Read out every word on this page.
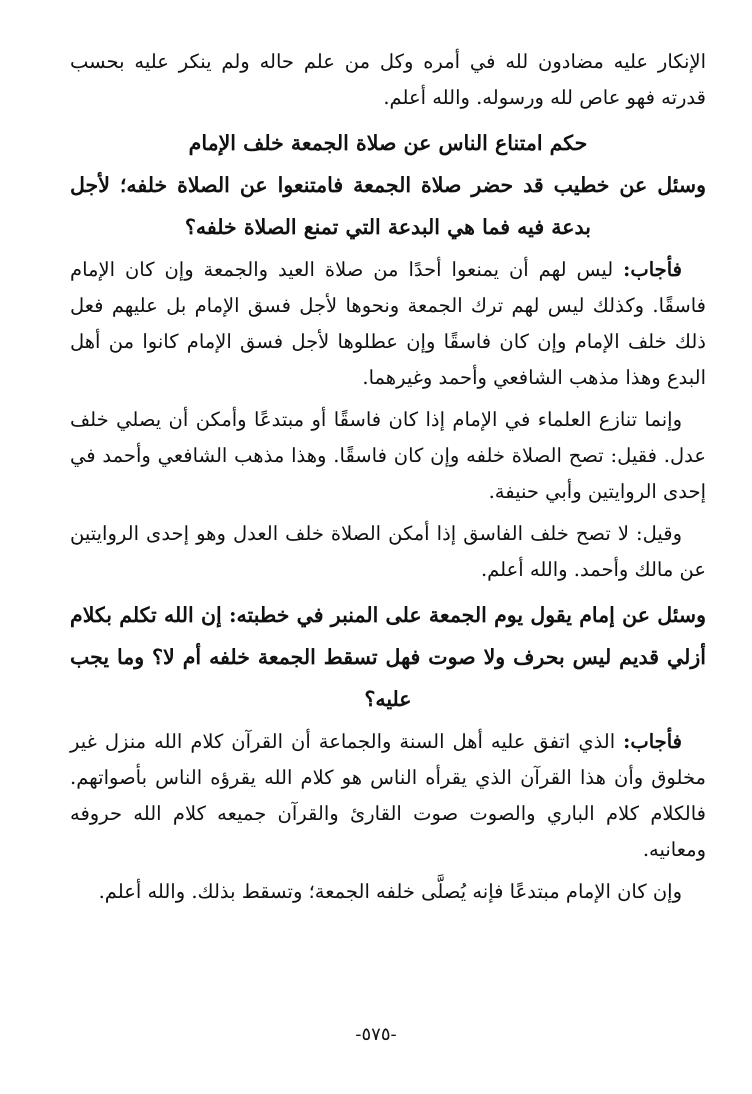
الإنكار عليه مضادون لله في أمره وكل من علم حاله ولم ينكر عليه بحسب قدرته فهو عاص لله ورسوله. والله أعلم.

حكم امتناع الناس عن صلاة الجمعة خلف الإمام

وسئل عن خطيب قد حضر صلاة الجمعة فامتنعوا عن الصلاة خلفه؛ لأجل بدعة فيه فما هي البدعة التي تمنع الصلاة خلفه؟

فأجاب: ليس لهم أن يمنعوا أحدًا من صلاة العيد والجمعة وإن كان الإمام فاسقًا. وكذلك ليس لهم ترك الجمعة ونحوها لأجل فسق الإمام بل عليهم فعل ذلك خلف الإمام وإن كان فاسقًا وإن عطلوها لأجل فسق الإمام كانوا من أهل البدع وهذا مذهب الشافعي وأحمد وغيرهما.

وإنما تنازع العلماء في الإمام إذا كان فاسقًا أو مبتدعًا وأمكن أن يصلي خلف عدل. فقيل: تصح الصلاة خلفه وإن كان فاسقًا. وهذا مذهب الشافعي وأحمد في إحدى الروايتين وأبي حنيفة.

وقيل: لا تصح خلف الفاسق إذا أمكن الصلاة خلف العدل وهو إحدى الروايتين عن مالك وأحمد. والله أعلم.

وسئل عن إمام يقول يوم الجمعة على المنبر في خطبته: إن الله تكلم بكلام أزلي قديم ليس بحرف ولا صوت فهل تسقط الجمعة خلفه أم لا؟ وما يجب عليه؟

فأجاب: الذي اتفق عليه أهل السنة والجماعة أن القرآن كلام الله منزل غير مخلوق وأن هذا القرآن الذي يقرأه الناس هو كلام الله يقرؤه الناس بأصواتهم. فالكلام كلام الباري والصوت صوت القارئ والقرآن جميعه كلام الله حروفه ومعانيه.

وإن كان الإمام مبتدعًا فإنه يُصلَّى خلفه الجمعة؛ وتسقط بذلك. والله أعلم.

-٥٧٥-
